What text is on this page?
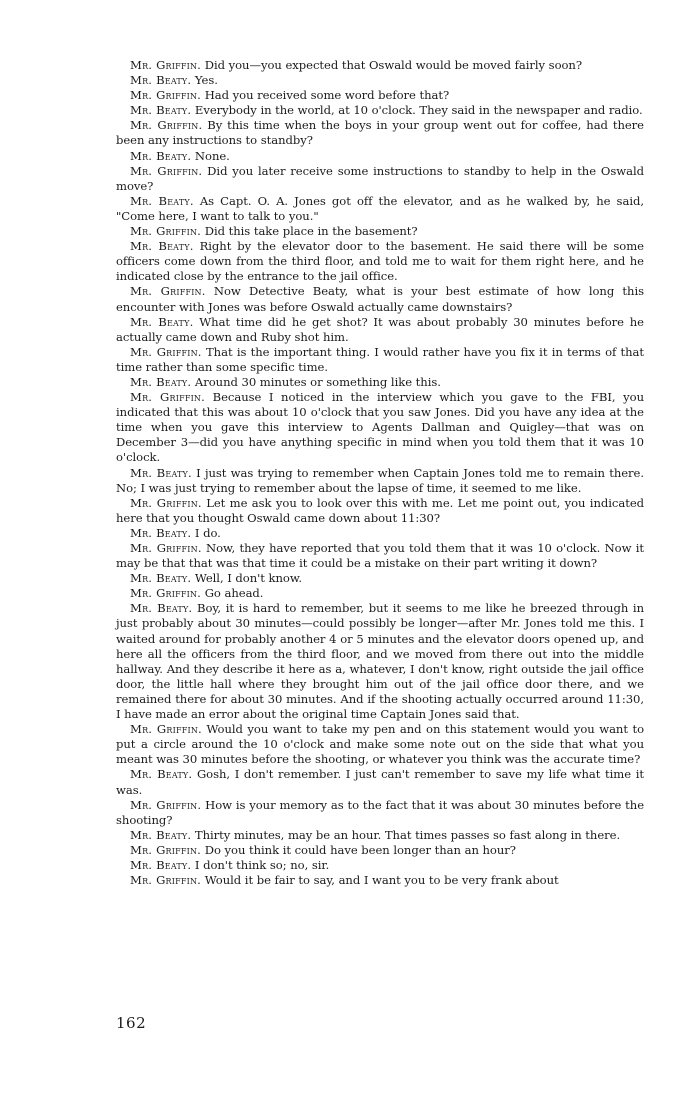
Mr. Griffin. Did you—you expected that Oswald would be moved fairly soon?

Mr. Beaty. Yes.

Mr. Griffin. Had you received some word before that?

Mr. Beaty. Everybody in the world, at 10 o'clock. They said in the newspaper and radio.

Mr. Griffin. By this time when the boys in your group went out for coffee, had there been any instructions to standby?

Mr. Beaty. None.

Mr. Griffin. Did you later receive some instructions to standby to help in the Oswald move?

Mr. Beaty. As Capt. O. A. Jones got off the elevator, and as he walked by, he said, "Come here, I want to talk to you."

Mr. Griffin. Did this take place in the basement?

Mr. Beaty. Right by the elevator door to the basement. He said there will be some officers come down from the third floor, and told me to wait for them right here, and he indicated close by the entrance to the jail office.

Mr. Griffin. Now Detective Beaty, what is your best estimate of how long this encounter with Jones was before Oswald actually came downstairs?

Mr. Beaty. What time did he get shot? It was about probably 30 minutes before he actually came down and Ruby shot him.

Mr. Griffin. That is the important thing. I would rather have you fix it in terms of that time rather than some specific time.

Mr. Beaty. Around 30 minutes or something like this.

Mr. Griffin. Because I noticed in the interview which you gave to the FBI, you indicated that this was about 10 o'clock that you saw Jones. Did you have any idea at the time when you gave this interview to Agents Dallman and Quigley—that was on December 3—did you have anything specific in mind when you told them that it was 10 o'clock.

Mr. Beaty. I just was trying to remember when Captain Jones told me to remain there. No; I was just trying to remember about the lapse of time, it seemed to me like.

Mr. Griffin. Let me ask you to look over this with me. Let me point out, you indicated here that you thought Oswald came down about 11:30?

Mr. Beaty. I do.

Mr. Griffin. Now, they have reported that you told them that it was 10 o'clock. Now it may be that that was that time it could be a mistake on their part writing it down?

Mr. Beaty. Well, I don't know.

Mr. Griffin. Go ahead.

Mr. Beaty. Boy, it is hard to remember, but it seems to me like he breezed through in just probably about 30 minutes—could possibly be longer—after Mr. Jones told me this. I waited around for probably another 4 or 5 minutes and the elevator doors opened up, and here all the officers from the third floor, and we moved from there out into the middle hallway. And they describe it here as a, whatever, I don't know, right outside the jail office door, the little hall where they brought him out of the jail office door there, and we remained there for about 30 minutes. And if the shooting actually occurred around 11:30, I have made an error about the original time Captain Jones said that.

Mr. Griffin. Would you want to take my pen and on this statement would you want to put a circle around the 10 o'clock and make some note out on the side that what you meant was 30 minutes before the shooting, or whatever you think was the accurate time?

Mr. Beaty. Gosh, I don't remember. I just can't remember to save my life what time it was.

Mr. Griffin. How is your memory as to the fact that it was about 30 minutes before the shooting?

Mr. Beaty. Thirty minutes, may be an hour. That times passes so fast along in there.

Mr. Griffin. Do you think it could have been longer than an hour?

Mr. Beaty. I don't think so; no, sir.

Mr. Griffin. Would it be fair to say, and I want you to be very frank about

162
